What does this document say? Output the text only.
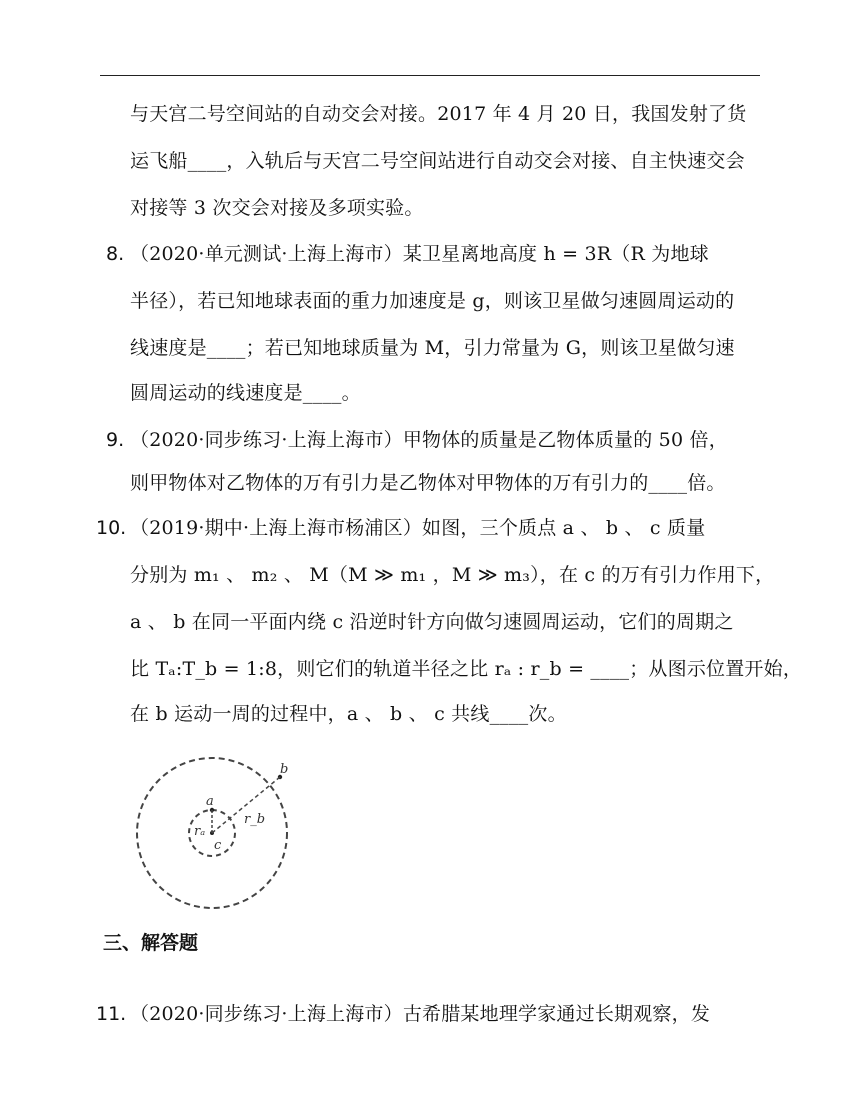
与天宫二号空间站的自动交会对接。2017 年 4 月 20 日，我国发射了货
运飞船____，入轨后与天宫二号空间站进行自动交会对接、自主快速交会
对接等 3 次交会对接及多项实验。
8. （2020·单元测试·上海上海市）某卫星离地高度 h = 3R（R 为地球
半径），若已知地球表面的重力加速度是 g，则该卫星做匀速圆周运动的
线速度是____；若已知地球质量为 M，引力常量为 G，则该卫星做匀速
圆周运动的线速度是____。
9. （2020·同步练习·上海上海市）甲物体的质量是乙物体质量的 50 倍，
则甲物体对乙物体的万有引力是乙物体对甲物体的万有引力的____倍。
10. （2019·期中·上海上海市杨浦区）如图，三个质点 a 、 b 、 c 质量
分别为 m₁ 、 m₂ 、 M（M ≫ m₁ ，M ≫ m₃），在 c 的万有引力作用下，
a 、 b 在同一平面内绕 c 沿逆时针方向做匀速圆周运动，它们的周期之
比 Tₐ:T_b = 1:8，则它们的轨道半径之比 rₐ : r_b = ____；从图示位置开始，
在 b 运动一周的过程中，a 、 b 、 c 共线____次。
a
b
c
rₐ
r_b
三、解答题
11. （2020·同步练习·上海上海市）古希腊某地理学家通过长期观察，发
